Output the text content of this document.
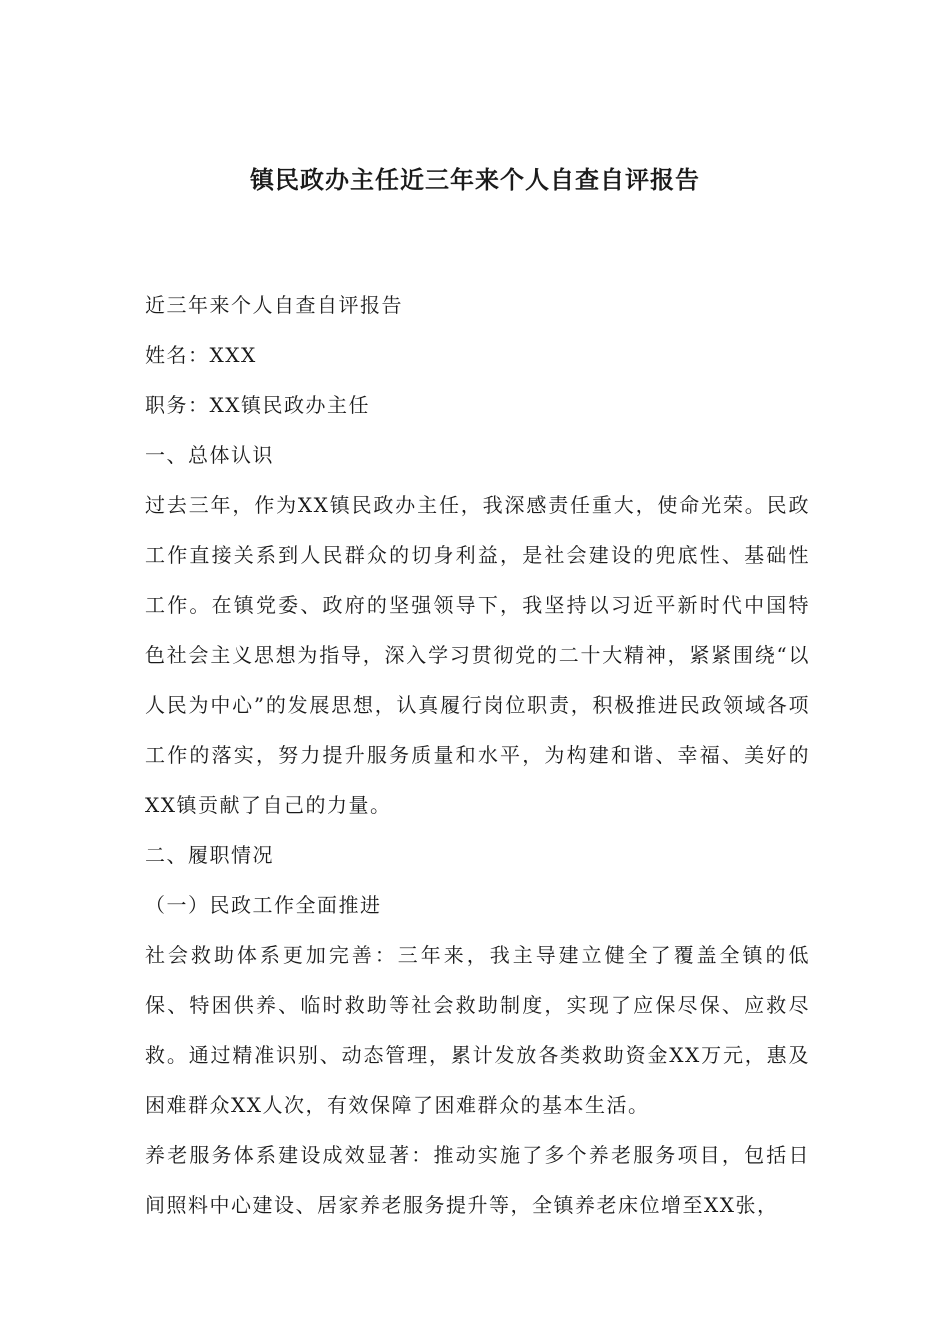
镇民政办主任近三年来个人自查自评报告

近三年来个人自查自评报告

姓名：XXX

职务：XX镇民政办主任

一、总体认识

过去三年，作为XX镇民政办主任，我深感责任重大，使命光荣。民政工作直接关系到人民群众的切身利益，是社会建设的兜底性、基础性工作。在镇党委、政府的坚强领导下，我坚持以习近平新时代中国特色社会主义思想为指导，深入学习贯彻党的二十大精神，紧紧围绕“以人民为中心”的发展思想，认真履行岗位职责，积极推进民政领域各项工作的落实，努力提升服务质量和水平，为构建和谐、幸福、美好的XX镇贡献了自己的力量。

二、履职情况

（一）民政工作全面推进

社会救助体系更加完善：三年来，我主导建立健全了覆盖全镇的低保、特困供养、临时救助等社会救助制度，实现了应保尽保、应救尽救。通过精准识别、动态管理，累计发放各类救助资金XX万元，惠及困难群众XX人次，有效保障了困难群众的基本生活。

养老服务体系建设成效显著：推动实施了多个养老服务项目，包括日间照料中心建设、居家养老服务提升等，全镇养老床位增至XX张，
